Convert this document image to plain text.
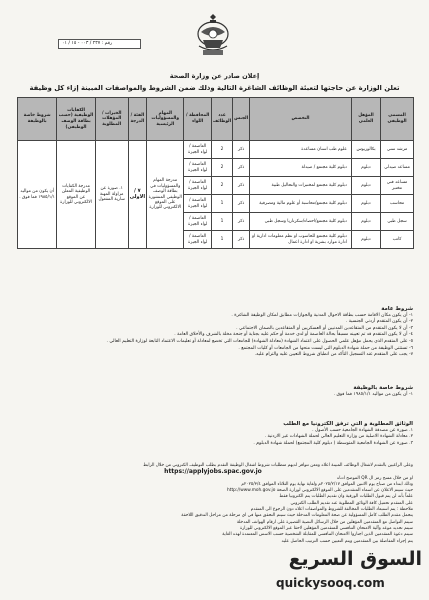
رقم : ٢٣٧ / ٠٠٣ - ١٥ / ٠١
إعلان صادر عن وزارة الصحة
تعلن الوزارة عن حاجتها لتعبئة الوظائف الشاغرة التالية وذلك ضمن الشروط والمواصفات المبينة إزاء كل وظيفة
المسمى الوظيفي	المؤهل العلمي	التخصص	الجنس	عدد الوظائف	المحافظة / اللواء	المهام والمسؤوليات الرئيسية	الفئة / الدرجة	الخبرات / المؤهلات المطلوبة	الكفايات الوظيفية (حسب بطاقة الوصف الوظيفي)	شروط خاصة بالوظيفة
مرشد سني	بكالوريوس	علوم طب اسنان مساعدة	ذكر	2	العاصمة / لواء الجيزة	مدرجة المهام والمسؤوليات في بطاقة الوصف الوظيفي المنشورة على الموقع الالكتروني للوزارة	٧ / الاولى	١. صورة عن مزاولة المهنة سارية المفعول	مدرجة الكفايات الوظيفية المعلن عن الموقع الالكتروني للوزارة	أن يكون من مواليد ١٩٨٥/١/١ فما فوق .
مساعد صيدلي	دبلوم	دبلوم كلية مجتمع / صيدلة	ذكر	2	العاصمة / لواء الجيزة					
مساعد فني مختبر	دبلوم	دبلوم كلية مجتمع لمختبرات والتحاليل طبية	ذكر	2	العاصمة / لواء الجيزة					
محاسب	دبلوم	دبلوم كلية مجتمع/محاسبة أو علوم مالية ومصرفية	ذكر	1	العاصمة / لواء الجيزة					
سجل طبي	دبلوم	دبلوم كلية مجتمع/احصاء/سكرتاريا وسجل طبي	ذكر	1	العاصمة / لواء الجيزة					
كاتب	دبلوم	دبلوم كلية مجتمع للحاسوب او نظم معلومات ادارية او ادارة موارد بشرية او ادارة اعمال	ذكر	1	العاصمة / لواء الجيزة					
شروط عامة
١- أن يكون مكان الاقامة حسب بطاقة الاحوال المدنية والجوازات مطابق لمكان الوظيفة الشاغرة .
٢- أن يكون المتقدم أردني الجنسية .
٣- أن لا يكون المتقدم من المتقاعدين المدنيين أو العسكريين أو المتقاعدين بالضمان الاجتماعي .
٤- أن لا يكون المتقدم قد تم تعيينه مسبقاً بحالة العاصمة أو لدي خدمة أو حكم عليه بجناية أو جنحة مخلة بالشرف والأخلاق العامة .
٥- على المتقدم الذي يحمل مؤهل علمي الحصول على اعتماد الشهادة (معادلة الشهادة) للجامعات التي تخضع لمعادلة أو تعليمات الاعتماد التابعة لوزارة التعليم العالي .
٦- تستثني الوظيفة من حملة شهادة الدبلوم التي ليست منحها من الجامعات أو كليات المجتمع .
٧- يجب على المتقدم عند التسجيل التأكد من انطباق شروط التعيين عليه والتزام عليه.
شروط خاصة بالوظيفة
١- أن يكون من مواليد ١٩٨٥/١/١ فما فوق .
الوثائق المطلوبة و التي ترفق الكترونيا مع الطلب
١. صورة عن مصدقة الشهادة الجامعية حسب الأصول .
٢. معادلة الشهادة الاصلية من وزارة التعليم العالي لحملة الشهادات غير الاردنية .
٣. صورة عن الشهادة الجامعية المتوسطة ( دبلوم كلية المجتمع) لحملة شهادة الدبلوم .

وعلى الراغبين بالتقدم لاشغال الوظائف المبينة اعلاه ومعن تتوافر لديهم متطلبات شروط اشغال الوظيفة التقدم بطلب التوظيف الكتروني من خلال الرابط

https://applyjobs.spac.gov.jo

او من خلال مسح رمز ال QR الموضح ادناه

وذلك ابتداء من صباح يوم الاثنين الموافق ٢٠٢٥/٢/١٧م ولغاية نهاية يوم الثلاثاء الموافق ٢٠٢٥/٣/٤م

حيث سيتم الاعلان عن اسماء المتقدمين على الموقع الالكتروني لوزارة الصحة http://www.moh.gov.jo

علماً بأنه لن يتم قبول الطلبات الورقية وان تقديم الطلبات يتم الكترونيا فقط

على المتقدم تحميل كافة الوثائق المطلوبة عند تقديم الطلب الكتروني

ملاحظة : يتم استبعاد الطلبات المخالفة للشروط والمواصفات اعلاه دون الرجوع الى المتقدم

يتحمل مقدم الطلب كامل المسؤولية عن صحة المعلومات المدخلة حيث سيتم التحقق منها في اي مرحلة من مراحل التدقيق اللاحقة

سيتم التواصل مع المتقدمين المؤهلين من خلال الرسائل النصية القصيرة على ارقام الهواتف المدخلة

سيتم تحديد موعد وآلية الامتحان التنافسي للمتقدمين المؤهلين لاحقا عبر الموقع الالكتروني للوزارة

سيتم دعوة المتقدمين الذين اجتازوا الامتحان التنافسي للمقابلة الشخصية حسب الاسس المعتمدة لهذه الغاية

يتم إجراء المفاضلة بين المتقدمين ويتم التعيين حسب الترتيب الحاصل عليه

السوق السريع
quickysooq.com
